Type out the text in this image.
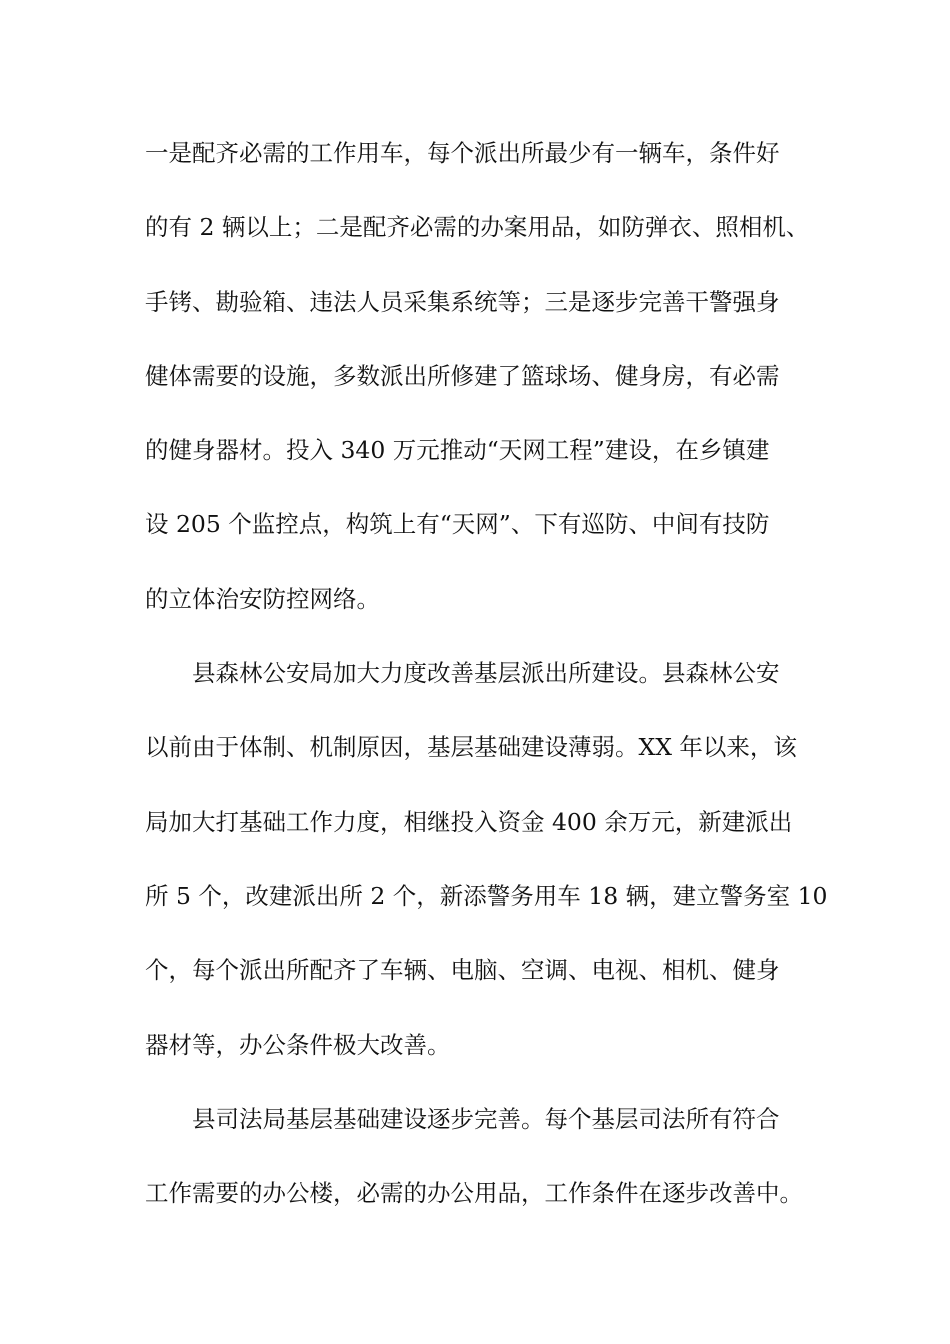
一是配齐必需的工作用车，每个派出所最少有一辆车，条件好
的有 2 辆以上；二是配齐必需的办案用品，如防弹衣、照相机、
手铐、勘验箱、违法人员采集系统等；三是逐步完善干警强身
健体需要的设施，多数派出所修建了篮球场、健身房，有必需
的健身器材。投入 340 万元推动“天网工程”建设，在乡镇建
设 205 个监控点，构筑上有“天网”、下有巡防、中间有技防
的立体治安防控网络。
县森林公安局加大力度改善基层派出所建设。县森林公安
以前由于体制、机制原因，基层基础建设薄弱。XX 年以来，该
局加大打基础工作力度，相继投入资金 400 余万元，新建派出
所 5 个，改建派出所 2 个，新添警务用车 18 辆，建立警务室 10
个，每个派出所配齐了车辆、电脑、空调、电视、相机、健身
器材等，办公条件极大改善。
县司法局基层基础建设逐步完善。每个基层司法所有符合
工作需要的办公楼，必需的办公用品，工作条件在逐步改善中。
